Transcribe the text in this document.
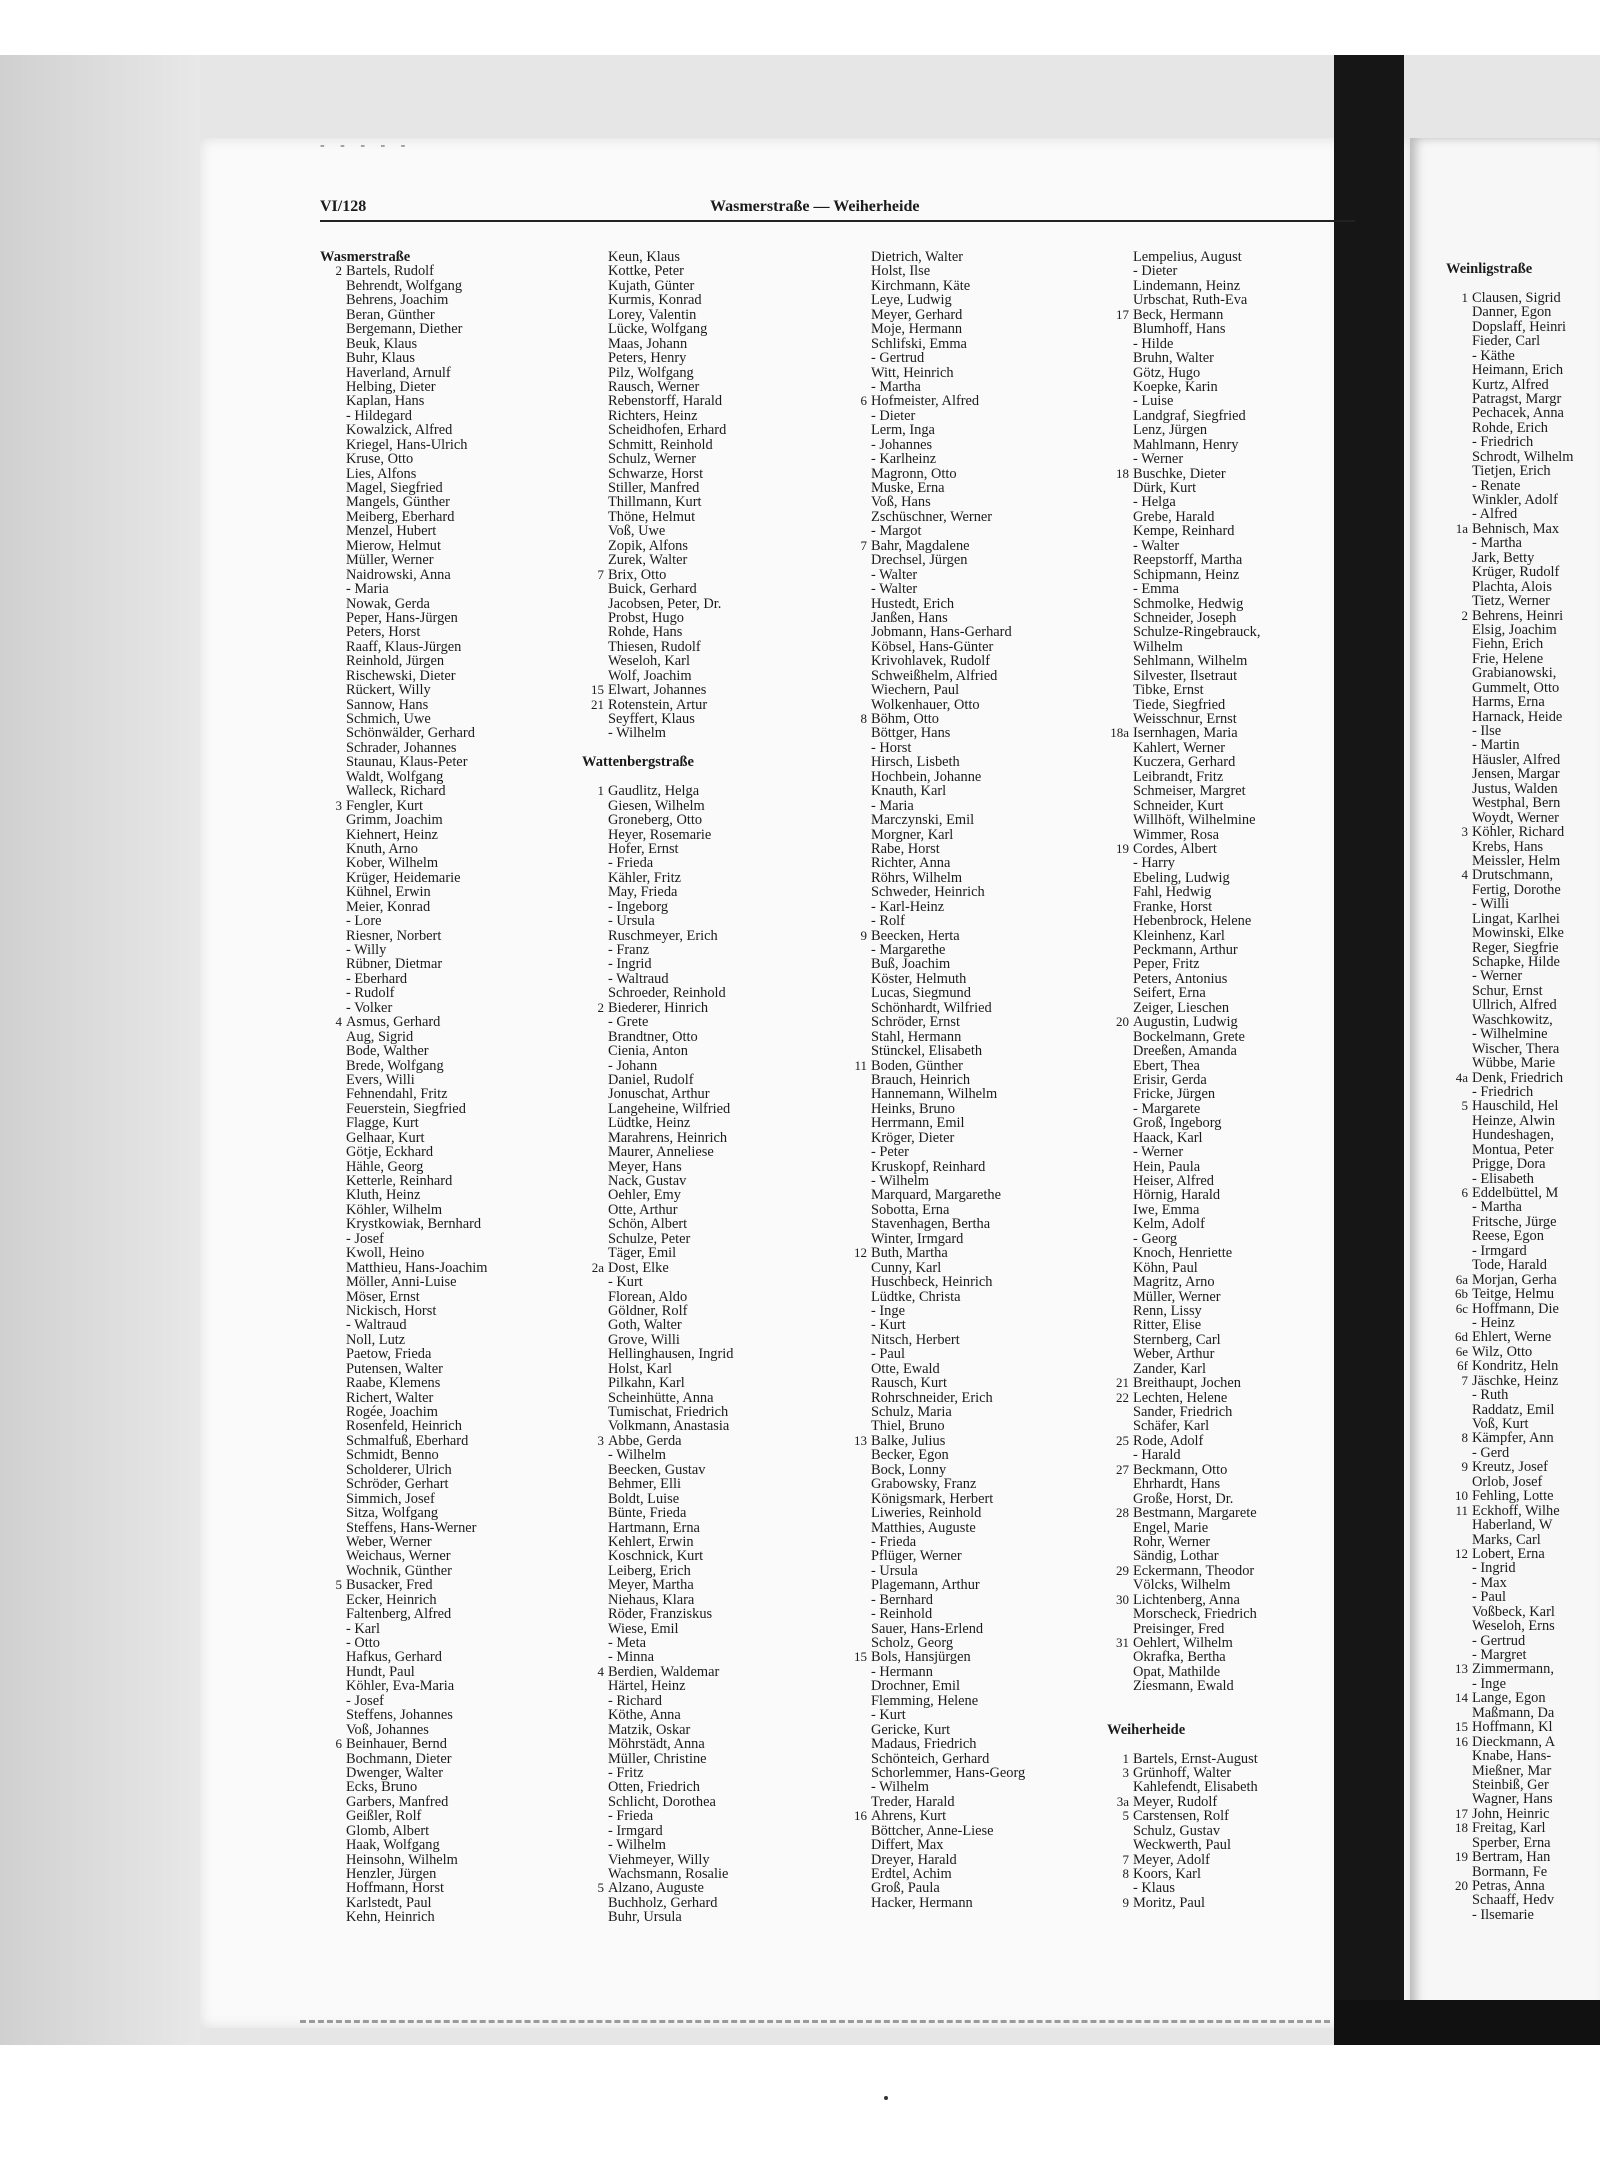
- - - - -
VI/128	Wasmerstraße — Weiherheide
Wasmerstraße
2 Bartels, Rudolf
Behrendt, Wolfgang
Behrens, Joachim
Beran, Günther
Bergemann, Diether
Beuk, Klaus
Buhr, Klaus
Haverland, Arnulf
Helbing, Dieter
Kaplan, Hans
- Hildegard
Kowalzick, Alfred
Kriegel, Hans-Ulrich
Kruse, Otto
Lies, Alfons
Magel, Siegfried
Mangels, Günther
Meiberg, Eberhard
Menzel, Hubert
Mierow, Helmut
Müller, Werner
Naidrowski, Anna
- Maria
Nowak, Gerda
Peper, Hans-Jürgen
Peters, Horst
Raaff, Klaus-Jürgen
Reinhold, Jürgen
Rischewski, Dieter
Rückert, Willy
Sannow, Hans
Schmich, Uwe
Schönwälder, Gerhard
Schrader, Johannes
Staunau, Klaus-Peter
Waldt, Wolfgang
Walleck, Richard
3 Fengler, Kurt
Grimm, Joachim
Kiehnert, Heinz
Knuth, Arno
Kober, Wilhelm
Krüger, Heidemarie
Kühnel, Erwin
Meier, Konrad
- Lore
Riesner, Norbert
- Willy
Rübner, Dietmar
- Eberhard
- Rudolf
- Volker
4 Asmus, Gerhard
Aug, Sigrid
Bode, Walther
Brede, Wolfgang
Evers, Willi
Fehnendahl, Fritz
Feuerstein, Siegfried
Flagge, Kurt
Gelhaar, Kurt
Götje, Eckhard
Hähle, Georg
Ketterle, Reinhard
Kluth, Heinz
Köhler, Wilhelm
Krystkowiak, Bernhard
- Josef
Kwoll, Heino
Matthieu, Hans-Joachim
Möller, Anni-Luise
Möser, Ernst
Nickisch, Horst
- Waltraud
Noll, Lutz
Paetow, Frieda
Putensen, Walter
Raabe, Klemens
Richert, Walter
Rogée, Joachim
Rosenfeld, Heinrich
Schmalfuß, Eberhard
Schmidt, Benno
Scholderer, Ulrich
Schröder, Gerhart
Simmich, Josef
Sitza, Wolfgang
Steffens, Hans-Werner
Weber, Werner
Weichaus, Werner
Wochnik, Günther
5 Busacker, Fred
Ecker, Heinrich
Faltenberg, Alfred
- Karl
- Otto
Hafkus, Gerhard
Hundt, Paul
Köhler, Eva-Maria
- Josef
Steffens, Johannes
Voß, Johannes
6 Beinhauer, Bernd
Bochmann, Dieter
Dwenger, Walter
Ecks, Bruno
Garbers, Manfred
Geißler, Rolf
Glomb, Albert
Haak, Wolfgang
Heinsohn, Wilhelm
Henzler, Jürgen
Hoffmann, Horst
Karlstedt, Paul
Kehn, Heinrich
Keun, Klaus
Kottke, Peter
Kujath, Günter
Kurmis, Konrad
Lorey, Valentin
Lücke, Wolfgang
Maas, Johann
Peters, Henry
Pilz, Wolfgang
Rausch, Werner
Rebenstorff, Harald
Richters, Heinz
Scheidhofen, Erhard
Schmitt, Reinhold
Schulz, Werner
Schwarze, Horst
Stiller, Manfred
Thillmann, Kurt
Thöne, Helmut
Voß, Uwe
Zopik, Alfons
Zurek, Walter
7 Brix, Otto
Buick, Gerhard
Jacobsen, Peter, Dr.
Probst, Hugo
Rohde, Hans
Thiesen, Rudolf
Weseloh, Karl
Wolf, Joachim
15 Elwart, Johannes
21 Rotenstein, Artur
Seyffert, Klaus
- Wilhelm
Wattenbergstraße
1 Gaudlitz, Helga
Giesen, Wilhelm
Groneberg, Otto
Heyer, Rosemarie
Hofer, Ernst
- Frieda
Kähler, Fritz
May, Frieda
- Ingeborg
- Ursula
Ruschmeyer, Erich
- Franz
- Ingrid
- Waltraud
Schroeder, Reinhold
2 Biederer, Hinrich
- Grete
Brandtner, Otto
Cienia, Anton
- Johann
Daniel, Rudolf
Jonuschat, Arthur
Langeheine, Wilfried
Lüdtke, Heinz
Marahrens, Heinrich
Maurer, Anneliese
Meyer, Hans
Nack, Gustav
Oehler, Emy
Otte, Arthur
Schön, Albert
Schulze, Peter
Täger, Emil
2a Dost, Elke
- Kurt
Florean, Aldo
Göldner, Rolf
Goth, Walter
Grove, Willi
Hellinghausen, Ingrid
Holst, Karl
Pilkahn, Karl
Scheinhütte, Anna
Tumischat, Friedrich
Volkmann, Anastasia
3 Abbe, Gerda
- Wilhelm
Beecken, Gustav
Behmer, Elli
Boldt, Luise
Bünte, Frieda
Hartmann, Erna
Kehlert, Erwin
Koschnick, Kurt
Leiberg, Erich
Meyer, Martha
Niehaus, Klara
Röder, Franziskus
Wiese, Emil
- Meta
- Minna
4 Berdien, Waldemar
Härtel, Heinz
- Richard
Köthe, Anna
Matzik, Oskar
Möhrstädt, Anna
Müller, Christine
- Fritz
Otten, Friedrich
Schlicht, Dorothea
- Frieda
- Irmgard
- Wilhelm
Viehmeyer, Willy
Wachsmann, Rosalie
5 Alzano, Auguste
Buchholz, Gerhard
Buhr, Ursula
Dietrich, Walter
Holst, Ilse
Kirchmann, Käte
Leye, Ludwig
Meyer, Gerhard
Moje, Hermann
Schlifski, Emma
- Gertrud
Witt, Heinrich
- Martha
6 Hofmeister, Alfred
- Dieter
Lerm, Inga
- Johannes
- Karlheinz
Magronn, Otto
Muske, Erna
Voß, Hans
Zschüschner, Werner
- Margot
7 Bahr, Magdalene
Drechsel, Jürgen
- Walter
- Walter
Hustedt, Erich
Janßen, Hans
Jobmann, Hans-Gerhard
Köbsel, Hans-Günter
Krivohlavek, Rudolf
Schweißhelm, Alfried
Wiechern, Paul
Wolkenhauer, Otto
8 Böhm, Otto
Böttger, Hans
- Horst
Hirsch, Lisbeth
Hochbein, Johanne
Knauth, Karl
- Maria
Marczynski, Emil
Morgner, Karl
Rabe, Horst
Richter, Anna
Röhrs, Wilhelm
Schweder, Heinrich
- Karl-Heinz
- Rolf
9 Beecken, Herta
- Margarethe
Buß, Joachim
Köster, Helmuth
Lucas, Siegmund
Schönhardt, Wilfried
Schröder, Ernst
Stahl, Hermann
Stünckel, Elisabeth
11 Boden, Günther
Brauch, Heinrich
Hannemann, Wilhelm
Heinks, Bruno
Herrmann, Emil
Kröger, Dieter
- Peter
Kruskopf, Reinhard
- Wilhelm
Marquard, Margarethe
Sobotta, Erna
Stavenhagen, Bertha
Winter, Irmgard
12 Buth, Martha
Cunny, Karl
Huschbeck, Heinrich
Lüdtke, Christa
- Inge
- Kurt
Nitsch, Herbert
- Paul
Otte, Ewald
Rausch, Kurt
Rohrschneider, Erich
Schulz, Maria
Thiel, Bruno
13 Balke, Julius
Becker, Egon
Bock, Lonny
Grabowsky, Franz
Königsmark, Herbert
Liweries, Reinhold
Matthies, Auguste
- Frieda
Pflüger, Werner
- Ursula
Plagemann, Arthur
- Bernhard
- Reinhold
Sauer, Hans-Erlend
Scholz, Georg
15 Bols, Hansjürgen
- Hermann
Drochner, Emil
Flemming, Helene
- Kurt
Gericke, Kurt
Madaus, Friedrich
Schönteich, Gerhard
Schorlemmer, Hans-Georg
- Wilhelm
Treder, Harald
16 Ahrens, Kurt
Böttcher, Anne-Liese
Differt, Max
Dreyer, Harald
Erdtel, Achim
Groß, Paula
Hacker, Hermann
Lempelius, August
- Dieter
Lindemann, Heinz
Urbschat, Ruth-Eva
17 Beck, Hermann
Blumhoff, Hans
- Hilde
Bruhn, Walter
Götz, Hugo
Koepke, Karin
- Luise
Landgraf, Siegfried
Lenz, Jürgen
Mahlmann, Henry
- Werner
18 Buschke, Dieter
Dürk, Kurt
- Helga
Grebe, Harald
Kempe, Reinhard
- Walter
Reepstorff, Martha
Schipmann, Heinz
- Emma
Schmolke, Hedwig
Schneider, Joseph
Schulze-Ringebrauck,
Wilhelm
Sehlmann, Wilhelm
Silvester, Ilsetraut
Tibke, Ernst
Tiede, Siegfried
Weisschnur, Ernst
18a Isernhagen, Maria
Kahlert, Werner
Kuczera, Gerhard
Leibrandt, Fritz
Schmeiser, Margret
Schneider, Kurt
Willhöft, Wilhelmine
Wimmer, Rosa
19 Cordes, Albert
- Harry
Ebeling, Ludwig
Fahl, Hedwig
Franke, Horst
Hebenbrock, Helene
Kleinhenz, Karl
Peckmann, Arthur
Peper, Fritz
Peters, Antonius
Seifert, Erna
Zeiger, Lieschen
20 Augustin, Ludwig
Bockelmann, Grete
Dreeßen, Amanda
Ebert, Thea
Erisir, Gerda
Fricke, Jürgen
- Margarete
Groß, Ingeborg
Haack, Karl
- Werner
Hein, Paula
Heiser, Alfred
Hörnig, Harald
Iwe, Emma
Kelm, Adolf
- Georg
Knoch, Henriette
Köhn, Paul
Magritz, Arno
Müller, Werner
Renn, Lissy
Ritter, Elise
Sternberg, Carl
Weber, Arthur
Zander, Karl
21 Breithaupt, Jochen
22 Lechten, Helene
Sander, Friedrich
Schäfer, Karl
25 Rode, Adolf
- Harald
27 Beckmann, Otto
Ehrhardt, Hans
Große, Horst, Dr.
28 Bestmann, Margarete
Engel, Marie
Rohr, Werner
Sändig, Lothar
29 Eckermann, Theodor
Völcks, Wilhelm
30 Lichtenberg, Anna
Morscheck, Friedrich
Preisinger, Fred
31 Oehlert, Wilhelm
Okrafka, Bertha
Opat, Mathilde
Ziesmann, Ewald
Weiherheide
1 Bartels, Ernst-August
3 Grünhoff, Walter
Kahlefendt, Elisabeth
3a Meyer, Rudolf
5 Carstensen, Rolf
Schulz, Gustav
Weckwerth, Paul
7 Meyer, Adolf
8 Koors, Karl
- Klaus
9 Moritz, Paul
Weinligstraße
1 Clausen, Sigrid
Danner, Egon
Dopslaff, Heinri
Fieder, Carl
- Käthe
Heimann, Erich
Kurtz, Alfred
Patragst, Margr
Pechacek, Anna
Rohde, Erich
- Friedrich
Schrodt, Wilhelm
Tietjen, Erich
- Renate
Winkler, Adolf
- Alfred
1a Behnisch, Max
- Martha
Jark, Betty
Krüger, Rudolf
Plachta, Alois
Tietz, Werner
2 Behrens, Heinri
Elsig, Joachim
Fiehn, Erich
Frie, Helene
Grabianowski,
Gummelt, Otto
Harms, Erna
Harnack, Heide
- Ilse
- Martin
Häusler, Alfred
Jensen, Margar
Justus, Walden
Westphal, Bern
Woydt, Werner
3 Köhler, Richard
Krebs, Hans
Meissler, Helm
4 Drutschmann,
Fertig, Dorothe
- Willi
Lingat, Karlhei
Mowinski, Elke
Reger, Siegfrie
Schapke, Hilde
- Werner
Schur, Ernst
Ullrich, Alfred
Waschkowitz,
- Wilhelmine
Wischer, Thera
Wübbe, Marie
4a Denk, Friedrich
- Friedrich
5 Hauschild, Hel
Heinze, Alwin
Hundeshagen,
Montua, Peter
Prigge, Dora
- Elisabeth
6 Eddelbüttel, M
- Martha
Fritsche, Jürge
Reese, Egon
- Irmgard
Tode, Harald
6a Morjan, Gerha
6b Teitge, Helmu
6c Hoffmann, Die
- Heinz
6d Ehlert, Werne
6e Wilz, Otto
6f Kondritz, Heln
7 Jäschke, Heinz
- Ruth
Raddatz, Emil
Voß, Kurt
8 Kämpfer, Ann
- Gerd
9 Kreutz, Josef
Orlob, Josef
10 Fehling, Lotte
11 Eckhoff, Wilhe
Haberland, W
Marks, Carl
12 Lobert, Erna
- Ingrid
- Max
- Paul
Voßbeck, Karl
Weseloh, Erns
- Gertrud
- Margret
13 Zimmermann,
- Inge
14 Lange, Egon
Maßmann, Da
15 Hoffmann, Kl
16 Dieckmann, A
Knabe, Hans-
Mießner, Mar
Steinbiß, Ger
Wagner, Hans
17 John, Heinric
18 Freitag, Karl
Sperber, Erna
19 Bertram, Han
Bormann, Fe
20 Petras, Anna
Schaaff, Hedv
- Ilsemarie
